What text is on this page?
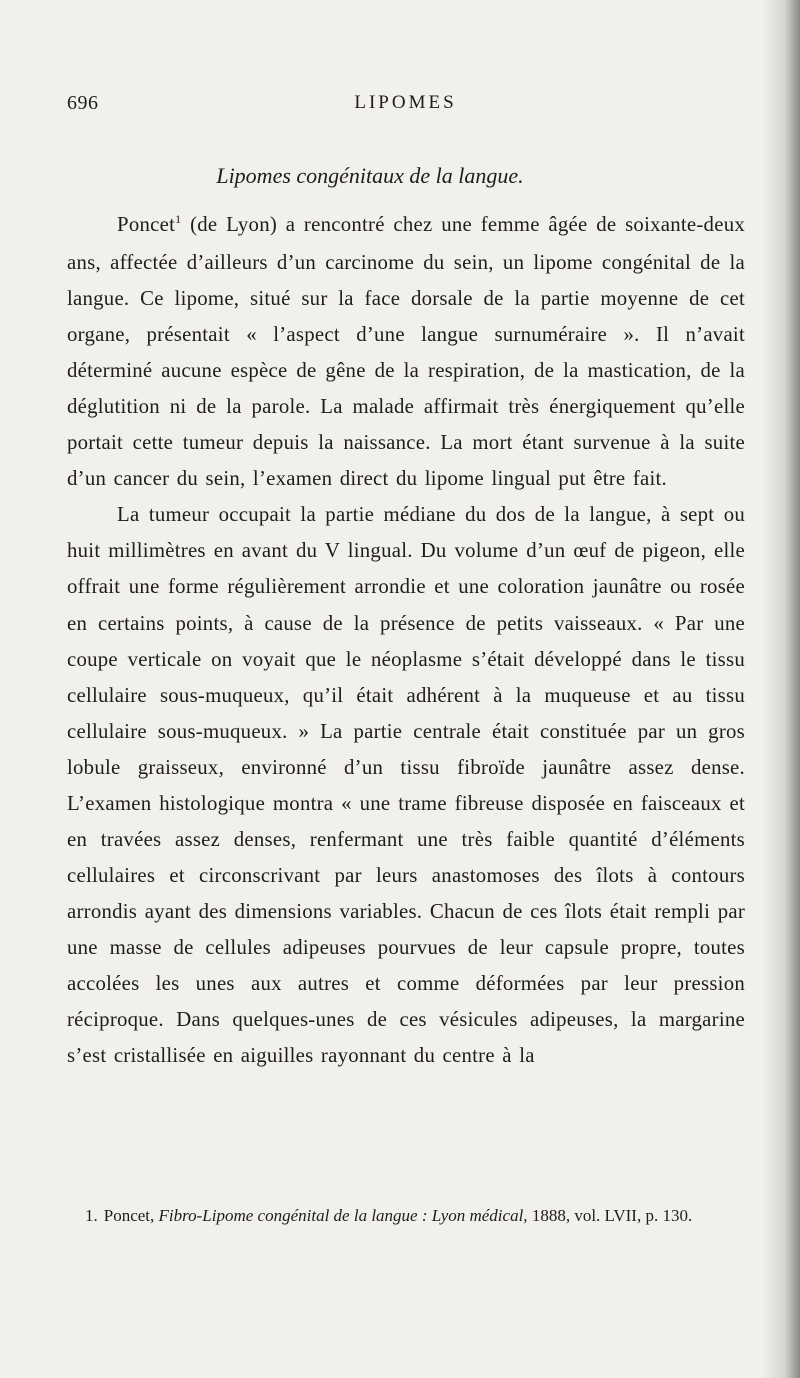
696	LIPOMES
Lipomes congénitaux de la langue.

Poncet$^1$ (de Lyon) a rencontré chez une femme âgée de soixante-deux ans, affectée d’ailleurs d’un carcinome du sein, un lipome congénital de la langue. Ce lipome, situé sur la face dorsale de la partie moyenne de cet organe, présentait « l’aspect d’une langue surnuméraire ». Il n’avait déterminé aucune espèce de gêne de la respiration, de la mastication, de la déglutition ni de la parole. La malade affirmait très énergiquement qu’elle portait cette tumeur depuis la naissance. La mort étant survenue à la suite d’un cancer du sein, l’examen direct du lipome lingual put être fait.

La tumeur occupait la partie médiane du dos de la langue, à sept ou huit millimètres en avant du V lingual. Du volume d’un œuf de pigeon, elle offrait une forme régulièrement arrondie et une coloration jaunâtre ou rosée en certains points, à cause de la présence de petits vaisseaux. « Par une coupe verticale on voyait que le néoplasme s’était développé dans le tissu cellulaire sous-muqueux, qu’il était adhérent à la muqueuse et au tissu cellulaire sous-muqueux. » La partie centrale était constituée par un gros lobule graisseux, environné d’un tissu fibroïde jaunâtre assez dense. L’examen histologique montra « une trame fibreuse disposée en faisceaux et en travées assez denses, renfermant une très faible quantité d’éléments cellulaires et circonscrivant par leurs anastomoses des îlots à contours arrondis ayant des dimensions variables. Chacun de ces îlots était rempli par une masse de cellules adipeuses pourvues de leur capsule propre, toutes accolées les unes aux autres et comme déformées par leur pression réciproque. Dans quelques-unes de ces vésicules adipeuses, la margarine s’est cristallisée en aiguilles rayonnant du centre à la

1. Poncet, Fibro-Lipome congénital de la langue : Lyon médical, 1888, vol. LVII, p. 130.
